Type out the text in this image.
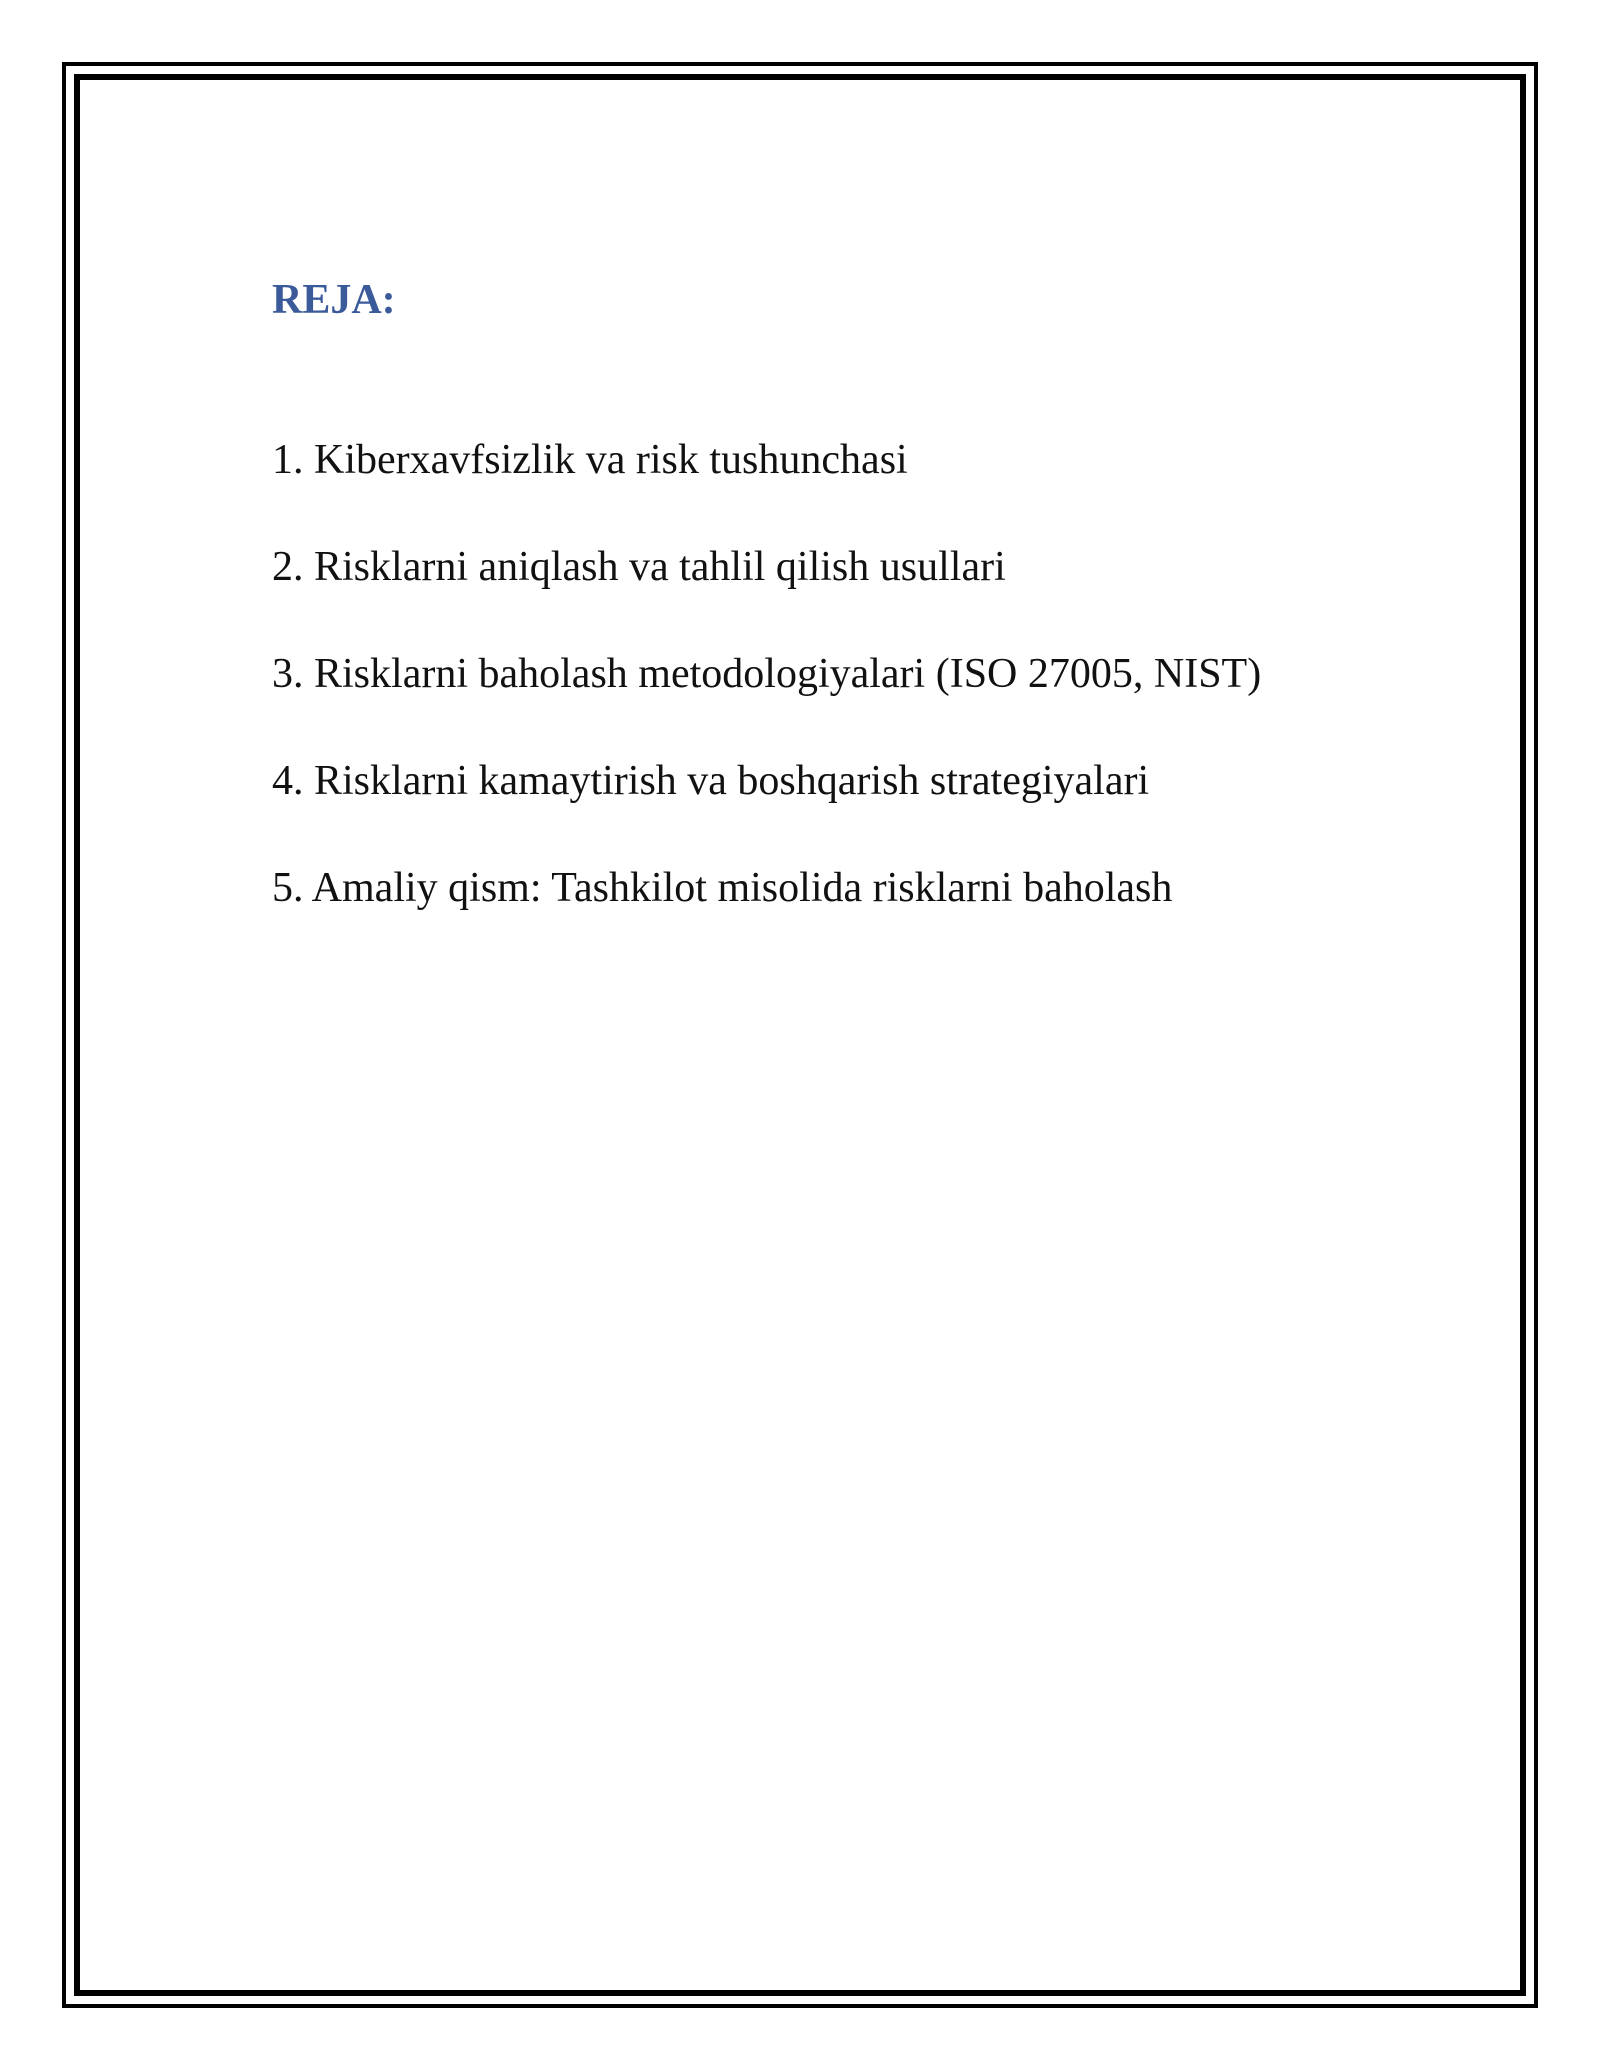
REJA:
1. Kiberxavfsizlik va risk tushunchasi
2. Risklarni aniqlash va tahlil qilish usullari
3. Risklarni baholash metodologiyalari (ISO 27005, NIST)
4. Risklarni kamaytirish va boshqarish strategiyalari
5. Amaliy qism: Tashkilot misolida risklarni baholash
